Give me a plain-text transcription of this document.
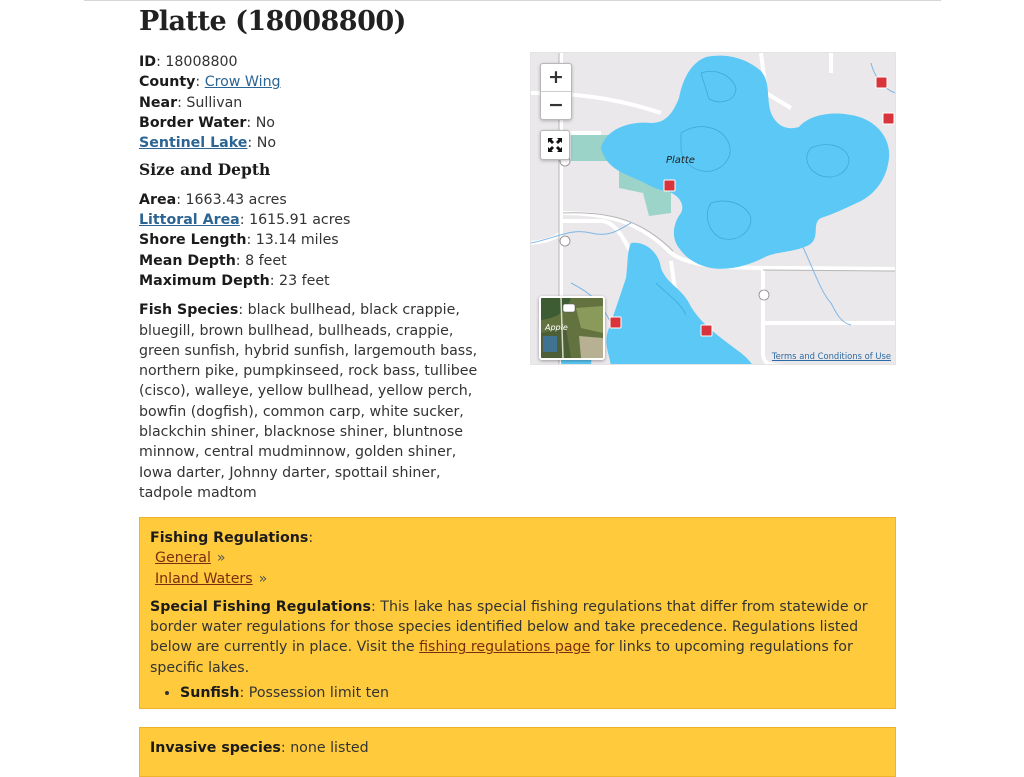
Platte (18008800)
ID: 18008800
County: Crow Wing
Near: Sullivan
Border Water: No
Sentinel Lake: No
Size and Depth
Area: 1663.43 acres
Littoral Area: 1615.91 acres
Shore Length: 13.14 miles
Mean Depth: 8 feet
Maximum Depth: 23 feet
Fish Species: black bullhead, black crappie, bluegill, brown bullhead, bullheads, crappie, green sunfish, hybrid sunfish, largemouth bass, northern pike, pumpkinseed, rock bass, tullibee (cisco), walleye, yellow bullhead, yellow perch, bowfin (dogfish), common carp, white sucker, blackchin shiner, blacknose shiner, bluntnose minnow, central mudminnow, golden shiner, Iowa darter, Johnny darter, spottail shiner, tadpole madtom
+
−
Platte
Apple
Terms and Conditions of Use
Fishing Regulations:
General »
Inland Waters »

Special Fishing Regulations: This lake has special fishing regulations that differ from statewide or border water regulations for those species identified below and take precedence. Regulations listed below are currently in place. Visit the fishing regulations page for links to upcoming regulations for specific lakes.

• Sunfish: Possession limit ten
Invasive species: none listed
